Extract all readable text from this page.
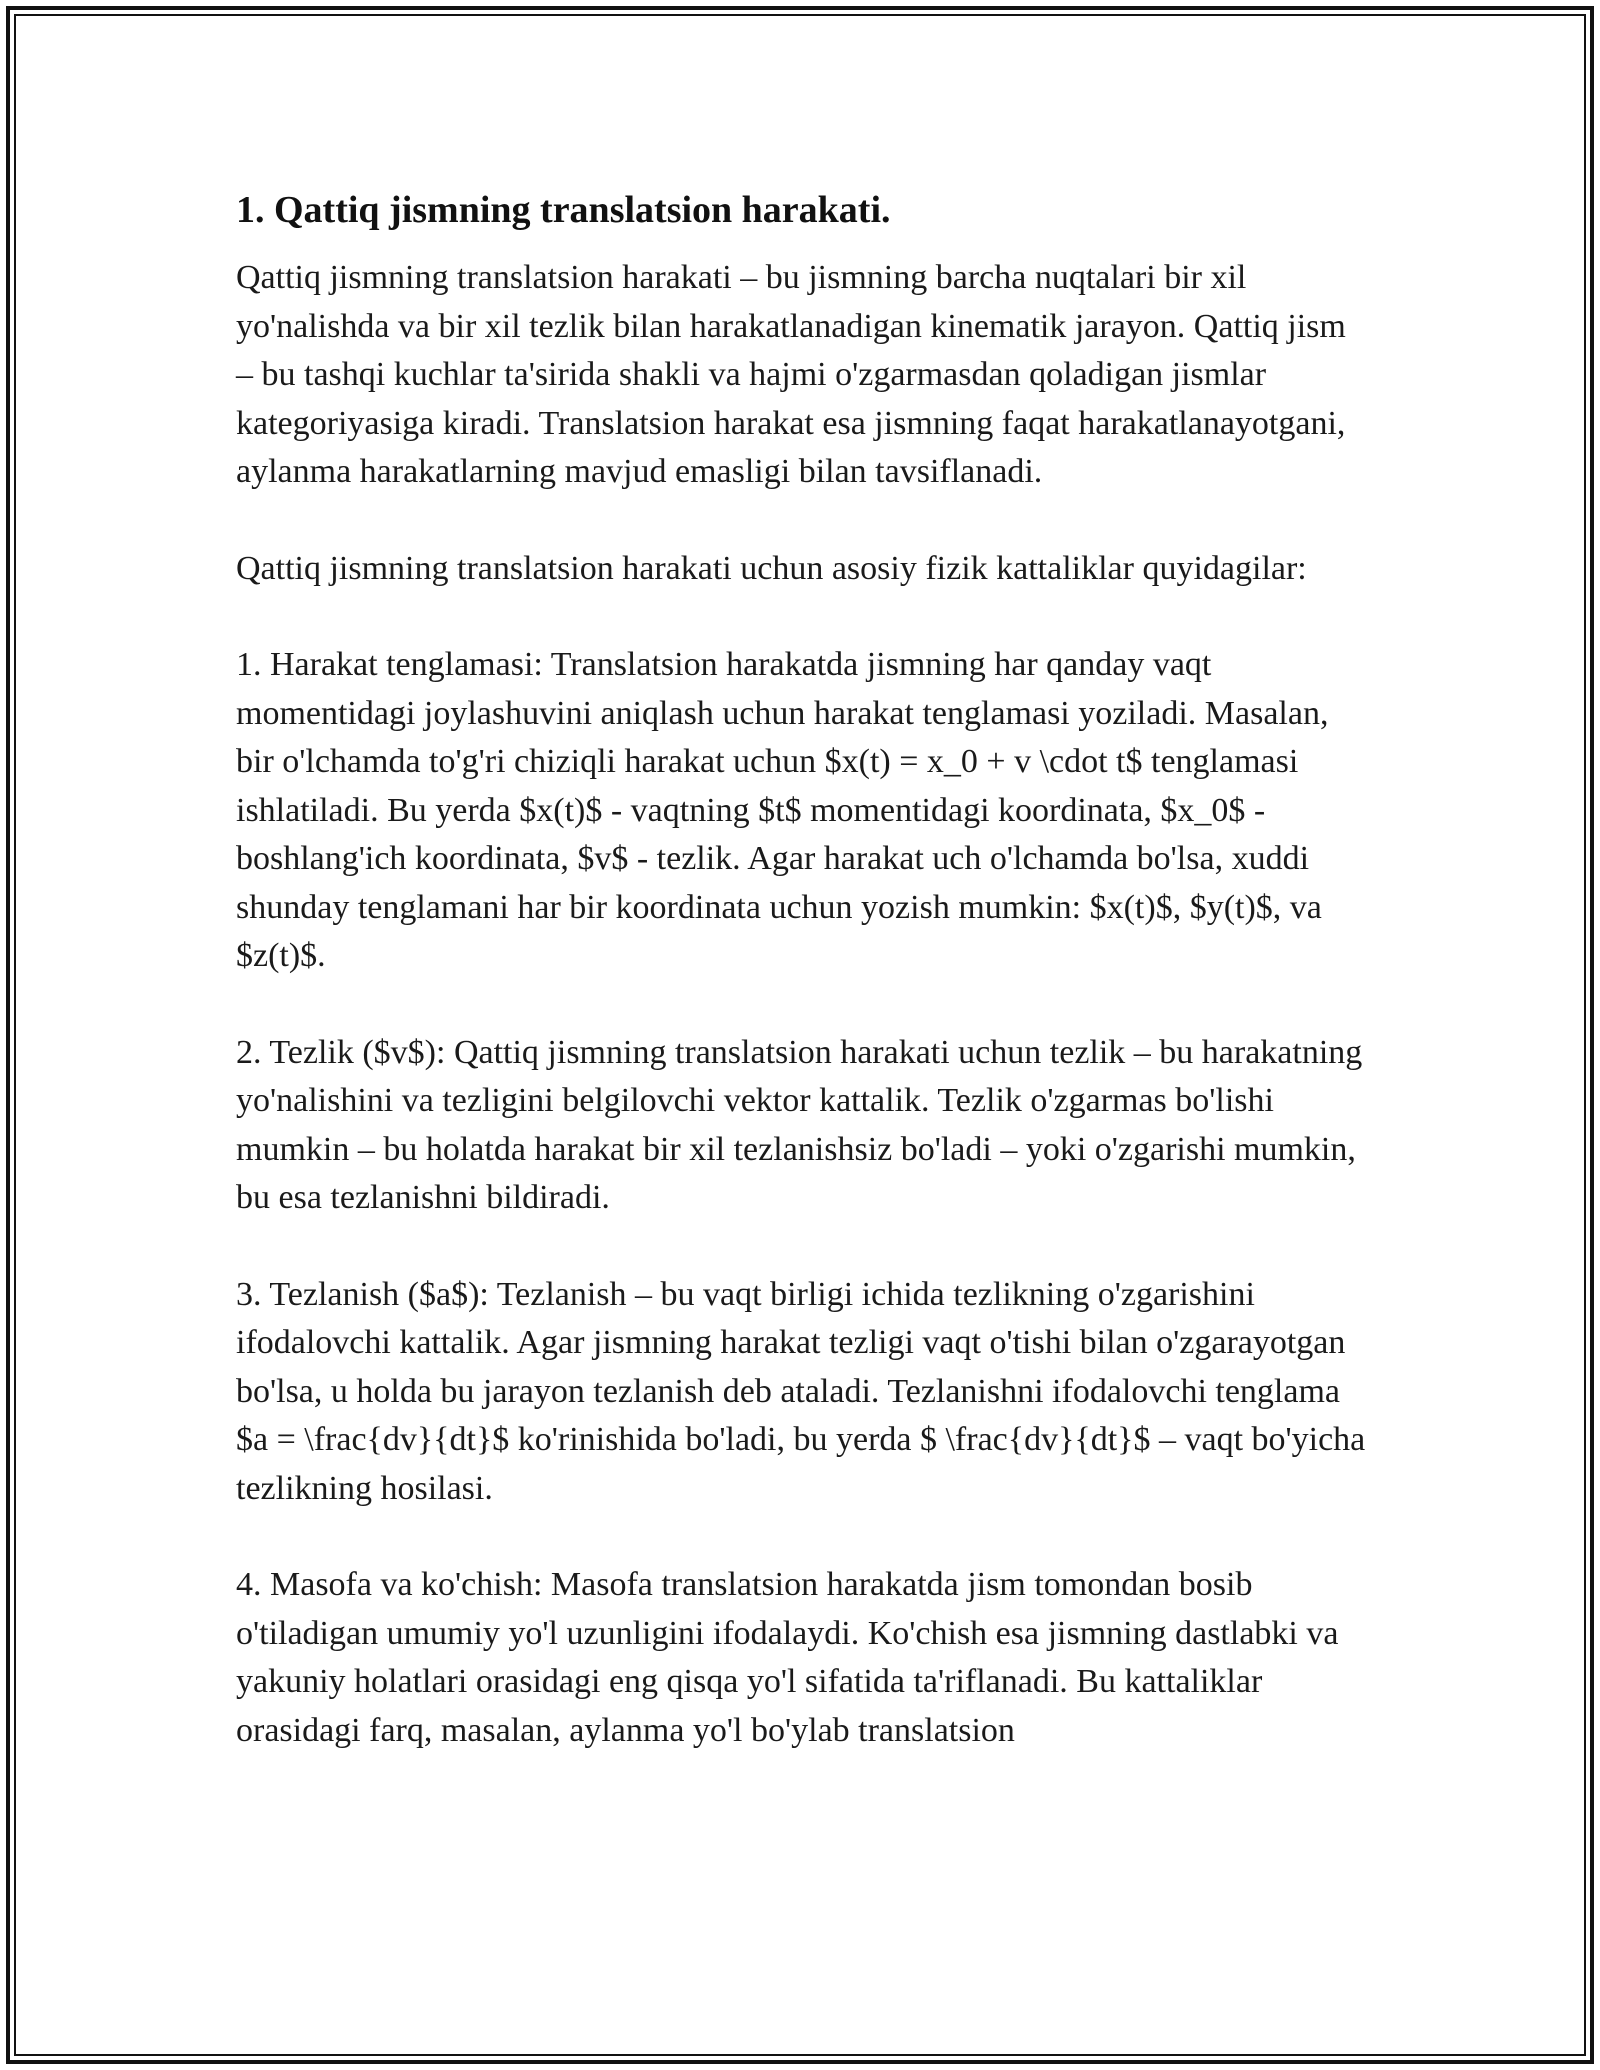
1. Qattiq jismning translatsion harakati.

Qattiq jismning translatsion harakati – bu jismning barcha nuqtalari bir xil yo'nalishda va bir xil tezlik bilan harakatlanadigan kinematik jarayon. Qattiq jism – bu tashqi kuchlar ta'sirida shakli va hajmi o'zgarmasdan qoladigan jismlar kategoriyasiga kiradi. Translatsion harakat esa jismning faqat harakatlanayotgani, aylanma harakatlarning mavjud emasligi bilan tavsiflanadi.

Qattiq jismning translatsion harakati uchun asosiy fizik kattaliklar quyidagilar:

1. Harakat tenglamasi: Translatsion harakatda jismning har qanday vaqt momentidagi joylashuvini aniqlash uchun harakat tenglamasi yoziladi. Masalan, bir o'lchamda to'g'ri chiziqli harakat uchun $x(t) = x_0 + v \cdot t$ tenglamasi ishlatiladi. Bu yerda $x(t)$ - vaqtning $t$ momentidagi koordinata, $x_0$ - boshlang'ich koordinata, $v$ - tezlik. Agar harakat uch o'lchamda bo'lsa, xuddi shunday tenglamani har bir koordinata uchun yozish mumkin: $x(t)$, $y(t)$, va $z(t)$.

2. Tezlik ($v$): Qattiq jismning translatsion harakati uchun tezlik – bu harakatning yo'nalishini va tezligini belgilovchi vektor kattalik. Tezlik o'zgarmas bo'lishi mumkin – bu holatda harakat bir xil tezlanishsiz bo'ladi – yoki o'zgarishi mumkin, bu esa tezlanishni bildiradi.

3. Tezlanish ($a$): Tezlanish – bu vaqt birligi ichida tezlikning o'zgarishini ifodalovchi kattalik. Agar jismning harakat tezligi vaqt o'tishi bilan o'zgarayotgan bo'lsa, u holda bu jarayon tezlanish deb ataladi. Tezlanishni ifodalovchi tenglama $a = \frac{dv}{dt}$ ko'rinishida bo'ladi, bu yerda $ \frac{dv}{dt}$ – vaqt bo'yicha tezlikning hosilasi.

4. Masofa va ko'chish: Masofa translatsion harakatda jism tomondan bosib o'tiladigan umumiy yo'l uzunligini ifodalaydi. Ko'chish esa jismning dastlabki va yakuniy holatlari orasidagi eng qisqa yo'l sifatida ta'riflanadi. Bu kattaliklar orasidagi farq, masalan, aylanma yo'l bo'ylab translatsion
